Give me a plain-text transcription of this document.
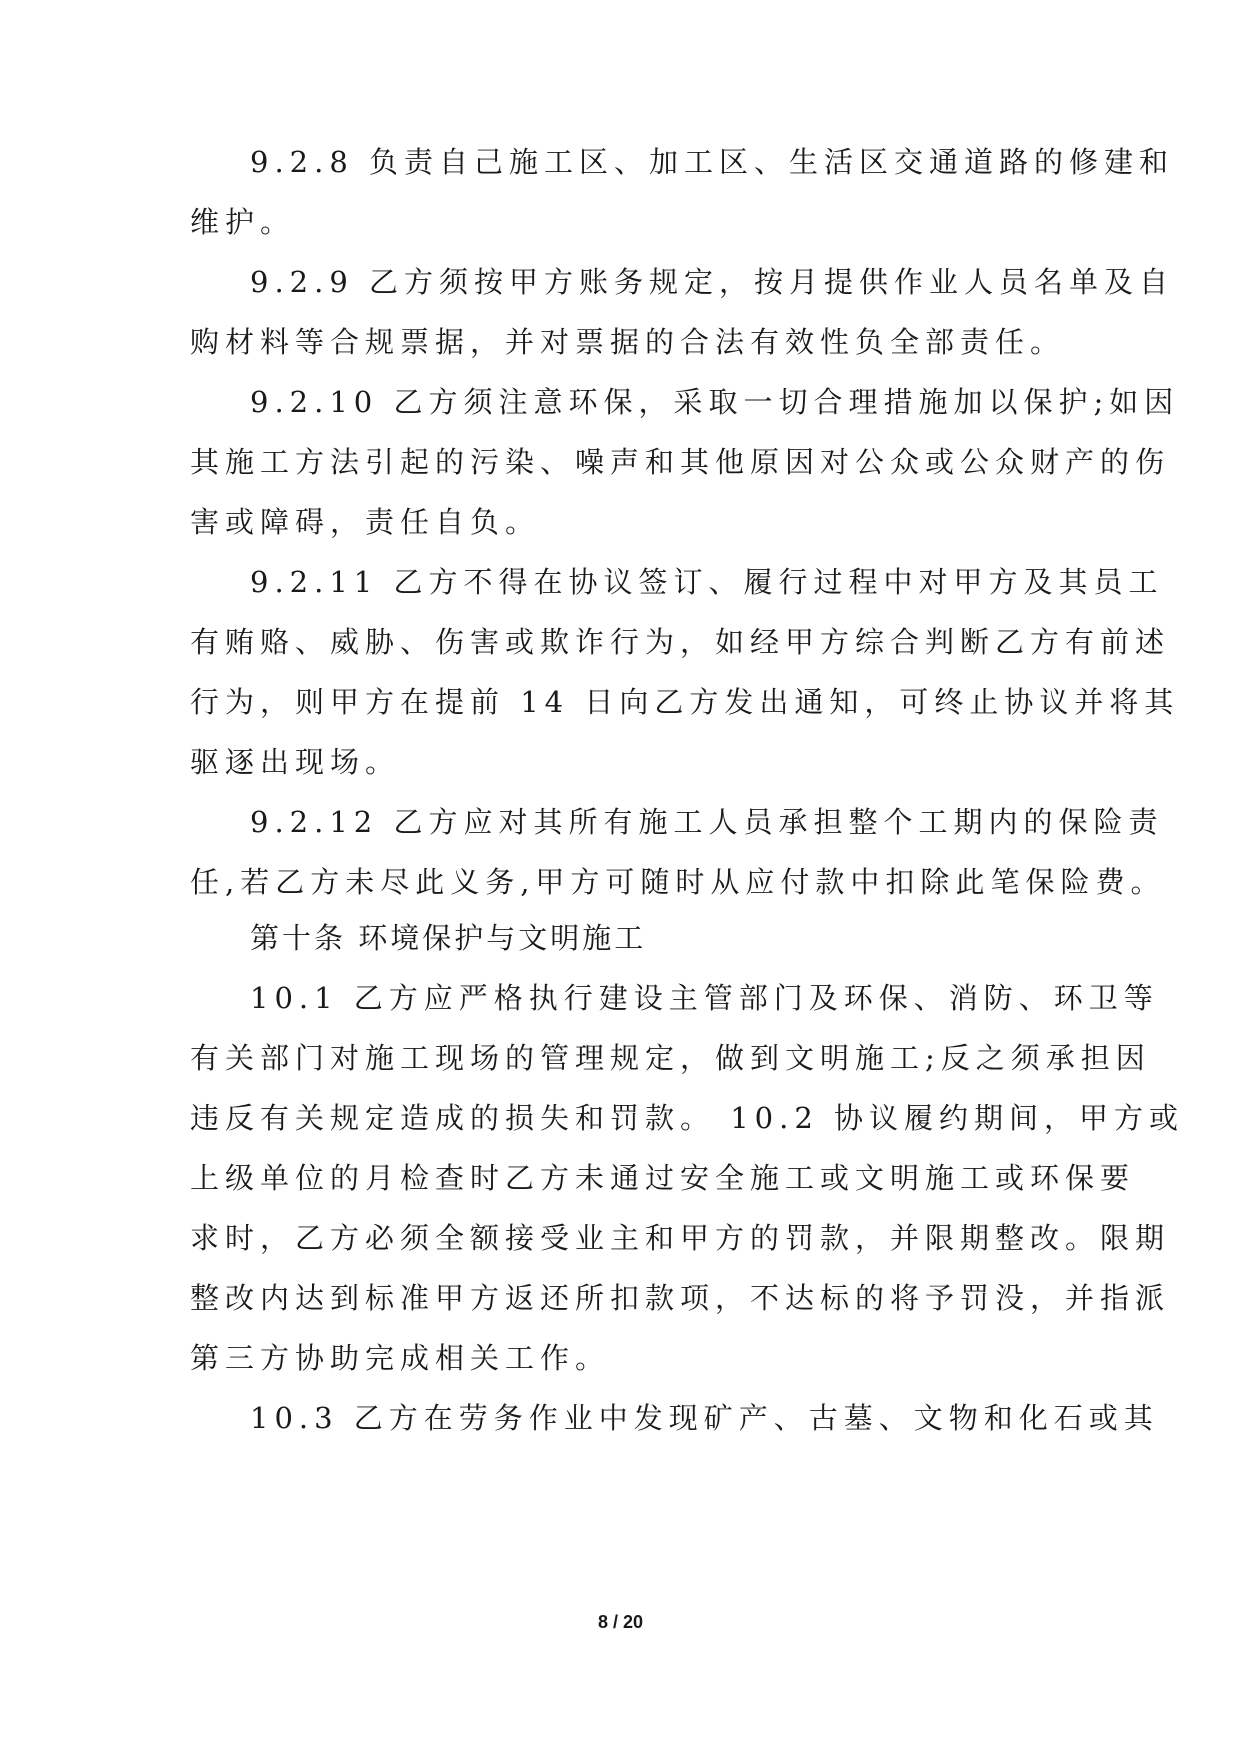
9.2.8 负责自己施工区、加工区、生活区交通道路的修建和
维护。
9.2.9 乙方须按甲方账务规定，按月提供作业人员名单及自
购材料等合规票据，并对票据的合法有效性负全部责任。
9.2.10 乙方须注意环保，采取一切合理措施加以保护;如因
其施工方法引起的污染、噪声和其他原因对公众或公众财产的伤
害或障碍，责任自负。
9.2.11 乙方不得在协议签订、履行过程中对甲方及其员工
有贿赂、威胁、伤害或欺诈行为，如经甲方综合判断乙方有前述
行为，则甲方在提前 14 日向乙方发出通知，可终止协议并将其
驱逐出现场。
9.2.12 乙方应对其所有施工人员承担整个工期内的保险责
任,若乙方未尽此义务,甲方可随时从应付款中扣除此笔保险费。
第十条 环境保护与文明施工
10.1 乙方应严格执行建设主管部门及环保、消防、环卫等
有关部门对施工现场的管理规定，做到文明施工;反之须承担因
违反有关规定造成的损失和罚款。 10.2 协议履约期间，甲方或
上级单位的月检查时乙方未通过安全施工或文明施工或环保要
求时，乙方必须全额接受业主和甲方的罚款，并限期整改。限期
整改内达到标准甲方返还所扣款项，不达标的将予罚没，并指派
第三方协助完成相关工作。
10.3 乙方在劳务作业中发现矿产、古墓、文物和化石或其
8 / 20
